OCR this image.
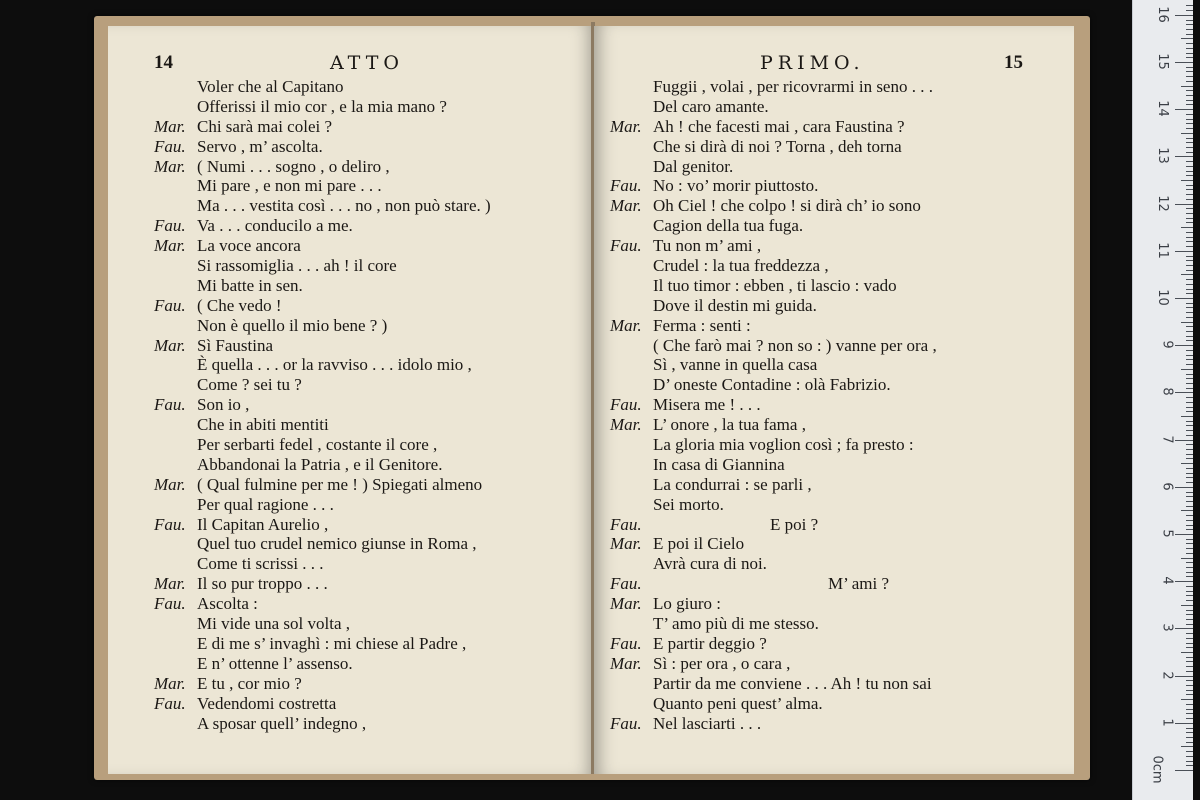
14	ATTO
Voler che al Capitano
Offerissi il mio cor , e la mia mano ?
Mar. Chi sarà mai colei ?
Fau. Servo , m’ ascolta.
Mar. ( Numi . . . sogno , o deliro ,
Mi pare , e non mi pare . . .
Ma . . . vestita così . . . no , non può stare. )
Fau. Va . . . conducilo a me.
Mar. La voce ancora
Si rassomiglia . . . ah ! il core
Mi batte in sen.
Fau. ( Che vedo !
Non è quello il mio bene ? )
Mar. Sì Faustina
È quella . . . or la ravviso . . . idolo mio ,
Come ? sei tu ?
Fau. Son io ,
Che in abiti mentiti
Per serbarti fedel , costante il core ,
Abbandonai la Patria , e il Genitore.
Mar. ( Qual fulmine per me ! ) Spiegati almeno
Per qual ragione . . .
Fau. Il Capitan Aurelio ,
Quel tuo crudel nemico giunse in Roma ,
Come ti scrissi . . .
Mar. Il so pur troppo . . .
Fau. Ascolta :
Mi vide una sol volta ,
E di me s’ invaghì : mi chiese al Padre ,
E n’ ottenne l’ assenso.
Mar. E tu , cor mio ?
Fau. Vedendomi costretta
A sposar quell’ indegno ,
PRIMO.	15
Fuggii , volai , per ricovrarmi in seno . . .
Del caro amante.
Mar. Ah ! che facesti mai , cara Faustina ?
Che si dirà di noi ? Torna , deh torna
Dal genitor.
Fau. No : vo’ morir piuttosto.
Mar. Oh Ciel ! che colpo ! si dirà ch’ io sono
Cagion della tua fuga.
Fau. Tu non m’ ami ,
Crudel : la tua freddezza ,
Il tuo timor : ebben , ti lascio : vado
Dove il destin mi guida.
Mar. Ferma : senti :
( Che farò mai ? non so : ) vanne per ora ,
Sì , vanne in quella casa
D’ oneste Contadine : olà Fabrizio.
Fau. Misera me ! . . .
Mar. L’ onore , la tua fama ,
La gloria mia voglion così ; fa presto :
In casa di Giannina
La condurrai : se parli ,
Sei morto.
Fau.	E poi ?
Mar. E poi il Cielo
Avrà cura di noi.
Fau.	M’ ami ?
Mar. Lo giuro :
T’ amo più di me stesso.
Fau. E partir deggio ?
Mar. Sì : per ora , o cara ,
Partir da me conviene . . . Ah ! tu non sai
Quanto peni quest’ alma.
Fau. Nel lasciarti . . .
0cm
1
2
3
4
5
6
7
8
9
10
11
12
13
14
15
16
